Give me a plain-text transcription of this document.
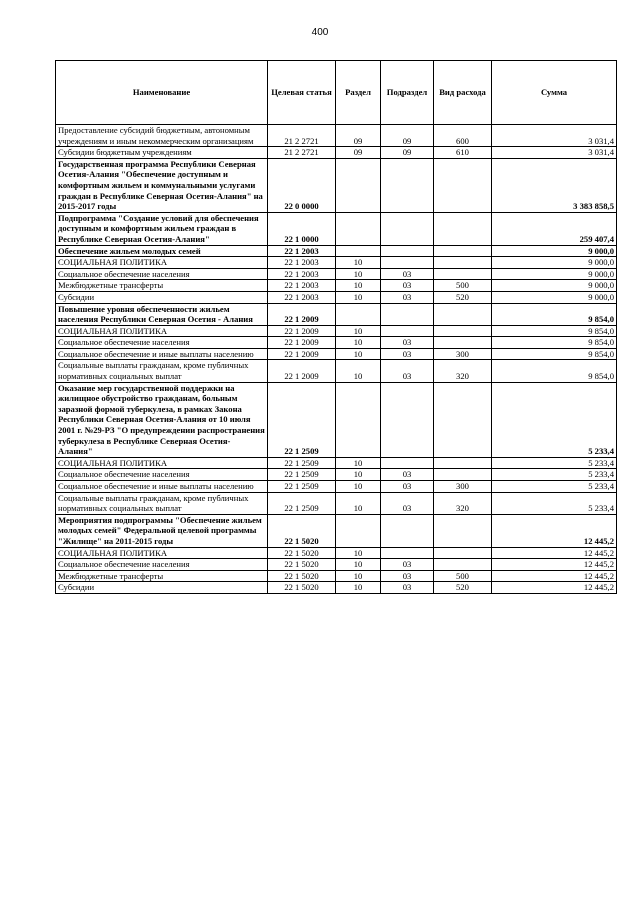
400
Наименование	Целевая статья	Раздел	Подраздел	Вид расхода	Сумма
Предоставление субсидий бюджетным, автономным учреждениям и иным некоммерческим организациям	21 2 2721	09	09	600	3 031,4
Субсидии бюджетным учреждениям	21 2 2721	09	09	610	3 031,4
Государственная программа Республики Северная Осетия-Алания "Обеспечение доступным и комфортным жильем и коммунальными услугами граждан в Республике Северная Осетия-Алания" на 2015-2017 годы	22 0 0000				3 383 858,5
Подпрограмма "Создание условий для обеспечения доступным и комфортным жильем граждан в Республике Северная Осетия-Алания"	22 1 0000				259 407,4
Обеспечение жильем молодых семей	22 1 2003				9 000,0
СОЦИАЛЬНАЯ ПОЛИТИКА	22 1 2003	10			9 000,0
Социальное обеспечение населения	22 1 2003	10	03		9 000,0
Межбюджетные трансферты	22 1 2003	10	03	500	9 000,0
Субсидии	22 1 2003	10	03	520	9 000,0
Повышение уровня обеспеченности жильем населения Республики Северная Осетия - Алания	22 1 2009				9 854,0
СОЦИАЛЬНАЯ ПОЛИТИКА	22 1 2009	10			9 854,0
Социальное обеспечение населения	22 1 2009	10	03		9 854,0
Социальное обеспечение и иные выплаты населению	22 1 2009	10	03	300	9 854,0
Социальные выплаты гражданам, кроме публичных нормативных социальных выплат	22 1 2009	10	03	320	9 854,0
Оказание мер государственной поддержки на жилищное обустройство гражданам, больным заразной формой туберкулеза, в рамках Закона Республики Северная Осетия-Алания от 10 июля 2001 г. №29-РЗ "О предупреждении распространения туберкулеза в Республике Северная Осетия-Алания"	22 1 2509				5 233,4
СОЦИАЛЬНАЯ ПОЛИТИКА	22 1 2509	10			5 233,4
Социальное обеспечение населения	22 1 2509	10	03		5 233,4
Социальное обеспечение и иные выплаты населению	22 1 2509	10	03	300	5 233,4
Социальные выплаты гражданам, кроме публичных нормативных социальных выплат	22 1 2509	10	03	320	5 233,4
Мероприятия подпрограммы "Обеспечение жильем молодых семей" Федеральной целевой программы "Жилище" на 2011-2015 годы	22 1 5020				12 445,2
СОЦИАЛЬНАЯ ПОЛИТИКА	22 1 5020	10			12 445,2
Социальное обеспечение населения	22 1 5020	10	03		12 445,2
Межбюджетные трансферты	22 1 5020	10	03	500	12 445,2
Субсидии	22 1 5020	10	03	520	12 445,2
